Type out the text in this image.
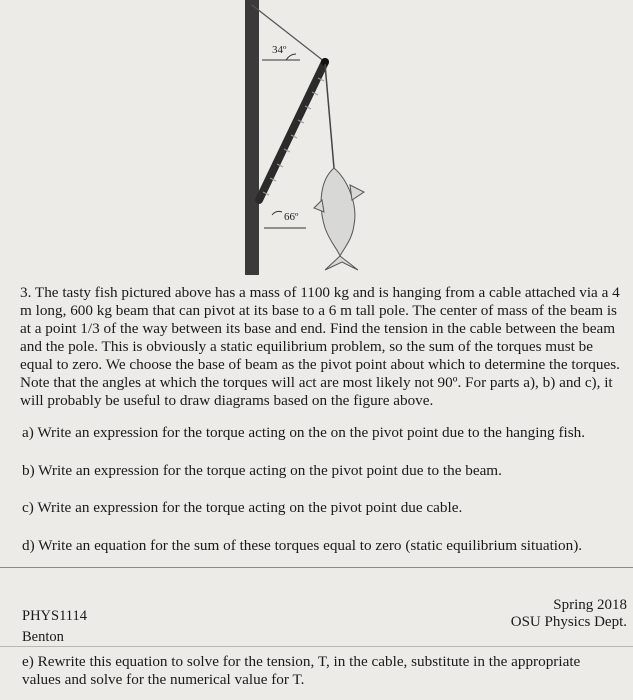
34º
66º
3. The tasty fish pictured above has a mass of 1100 kg and is hanging from a cable attached via a 4 m long, 600 kg beam that can pivot at its base to a 6 m tall pole. The center of mass of the beam is at a point 1/3 of the way between its base and end. Find the tension in the cable between the beam and the pole. This is obviously a static equilibrium problem, so the sum of the torques must be equal to zero. We choose the base of beam as the pivot point about which to determine the torques. Note that the angles at which the torques will act are most likely not 90º. For parts a), b) and c), it will probably be useful to draw diagrams based on the figure above.
a) Write an expression for the torque acting on the on the pivot point due to the hanging fish.
b) Write an expression for the torque acting on the pivot point due to the beam.
c) Write an expression for the torque acting on the pivot point due cable.
d) Write an equation for the sum of these torques equal to zero (static equilibrium situation).
PHYS1114
Benton
Spring 2018
OSU Physics Dept.
e) Rewrite this equation to solve for the tension, T, in the cable, substitute in the appropriate values and solve for the numerical value for T.
